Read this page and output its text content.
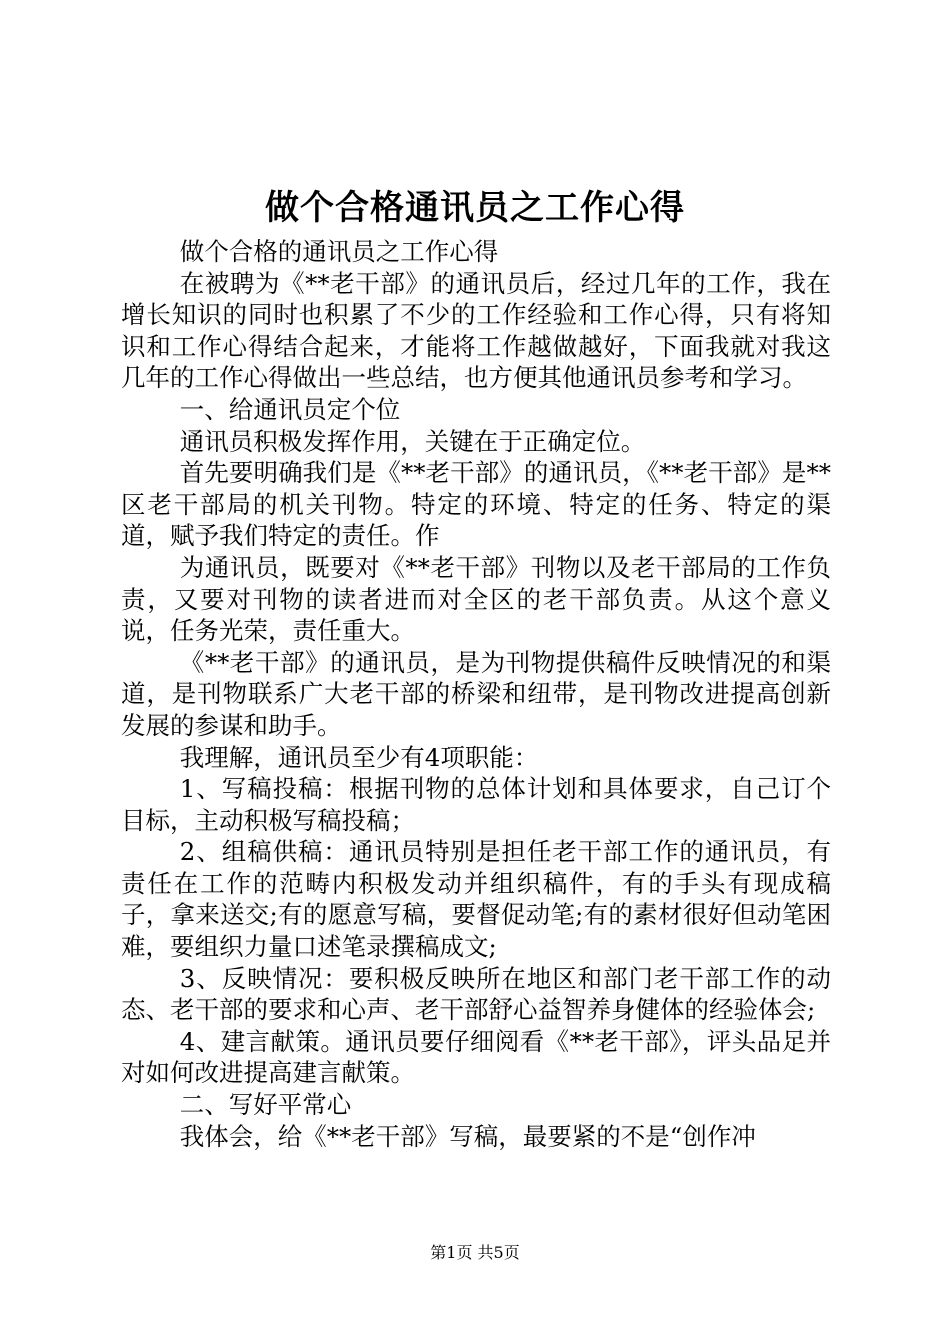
做个合格通讯员之工作心得

做个合格的通讯员之工作心得

在被聘为《**老干部》的通讯员后，经过几年的工作，我在增长知识的同时也积累了不少的工作经验和工作心得，只有将知识和工作心得结合起来，才能将工作越做越好，下面我就对我这几年的工作心得做出一些总结，也方便其他通讯员参考和学习。

一、给通讯员定个位

通讯员积极发挥作用，关键在于正确定位。

首先要明确我们是《**老干部》的通讯员，《**老干部》是**区老干部局的机关刊物。特定的环境、特定的任务、特定的渠道，赋予我们特定的责任。作

为通讯员，既要对《**老干部》刊物以及老干部局的工作负责，又要对刊物的读者进而对全区的老干部负责。从这个意义说，任务光荣，责任重大。

《**老干部》的通讯员，是为刊物提供稿件反映情况的和渠道，是刊物联系广大老干部的桥梁和纽带，是刊物改进提高创新发展的参谋和助手。

我理解，通讯员至少有4项职能：

1、写稿投稿：根据刊物的总体计划和具体要求，自己订个目标，主动积极写稿投稿；

2、组稿供稿：通讯员特别是担任老干部工作的通讯员，有责任在工作的范畴内积极发动并组织稿件，有的手头有现成稿子，拿来送交;有的愿意写稿，要督促动笔;有的素材很好但动笔困难，要组织力量口述笔录撰稿成文;

3、反映情况：要积极反映所在地区和部门老干部工作的动态、老干部的要求和心声、老干部舒心益智养身健体的经验体会;

4、建言献策。通讯员要仔细阅看《**老干部》，评头品足并对如何改进提高建言献策。

二、写好平常心

我体会，给《**老干部》写稿，最要紧的不是“创作冲

第1页 共5页
